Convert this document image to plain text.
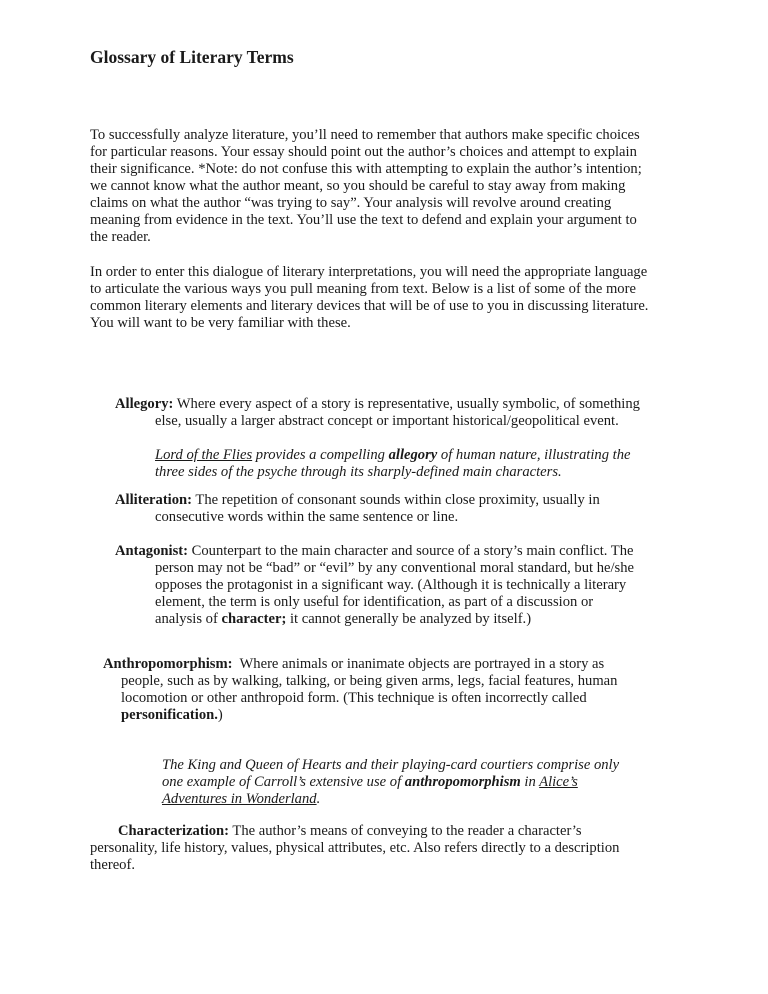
Glossary of Literary Terms
To successfully analyze literature, you’ll need to remember that authors make specific choices
for particular reasons. Your essay should point out the author’s choices and attempt to explain
their significance. *Note: do not confuse this with attempting to explain the author’s intention;
we cannot know what the author meant, so you should be careful to stay away from making
claims on what the author “was trying to say”. Your analysis will revolve around creating
meaning from evidence in the text. You’ll use the text to defend and explain your argument to
the reader.
In order to enter this dialogue of literary interpretations, you will need the appropriate language
to articulate the various ways you pull meaning from text. Below is a list of some of the more
common literary elements and literary devices that will be of use to you in discussing literature.
You will want to be very familiar with these.
Allegory: Where every aspect of a story is representative, usually symbolic, of something
else, usually a larger abstract concept or important historical/geopolitical event.
Lord of the Flies provides a compelling allegory of human nature, illustrating the
three sides of the psyche through its sharply-defined main characters.
Alliteration: The repetition of consonant sounds within close proximity, usually in
consecutive words within the same sentence or line.
Antagonist: Counterpart to the main character and source of a story’s main conflict. The
person may not be “bad” or “evil” by any conventional moral standard, but he/she
opposes the protagonist in a significant way. (Although it is technically a literary
element, the term is only useful for identification, as part of a discussion or
analysis of character; it cannot generally be analyzed by itself.)
Anthropomorphism:  Where animals or inanimate objects are portrayed in a story as
people, such as by walking, talking, or being given arms, legs, facial features, human
locomotion or other anthropoid form. (This technique is often incorrectly called
personification.)
The King and Queen of Hearts and their playing-card courtiers comprise only
one example of Carroll’s extensive use of anthropomorphism in Alice’s
Adventures in Wonderland.
Characterization: The author’s means of conveying to the reader a character’s
personality, life history, values, physical attributes, etc. Also refers directly to a description
thereof.
